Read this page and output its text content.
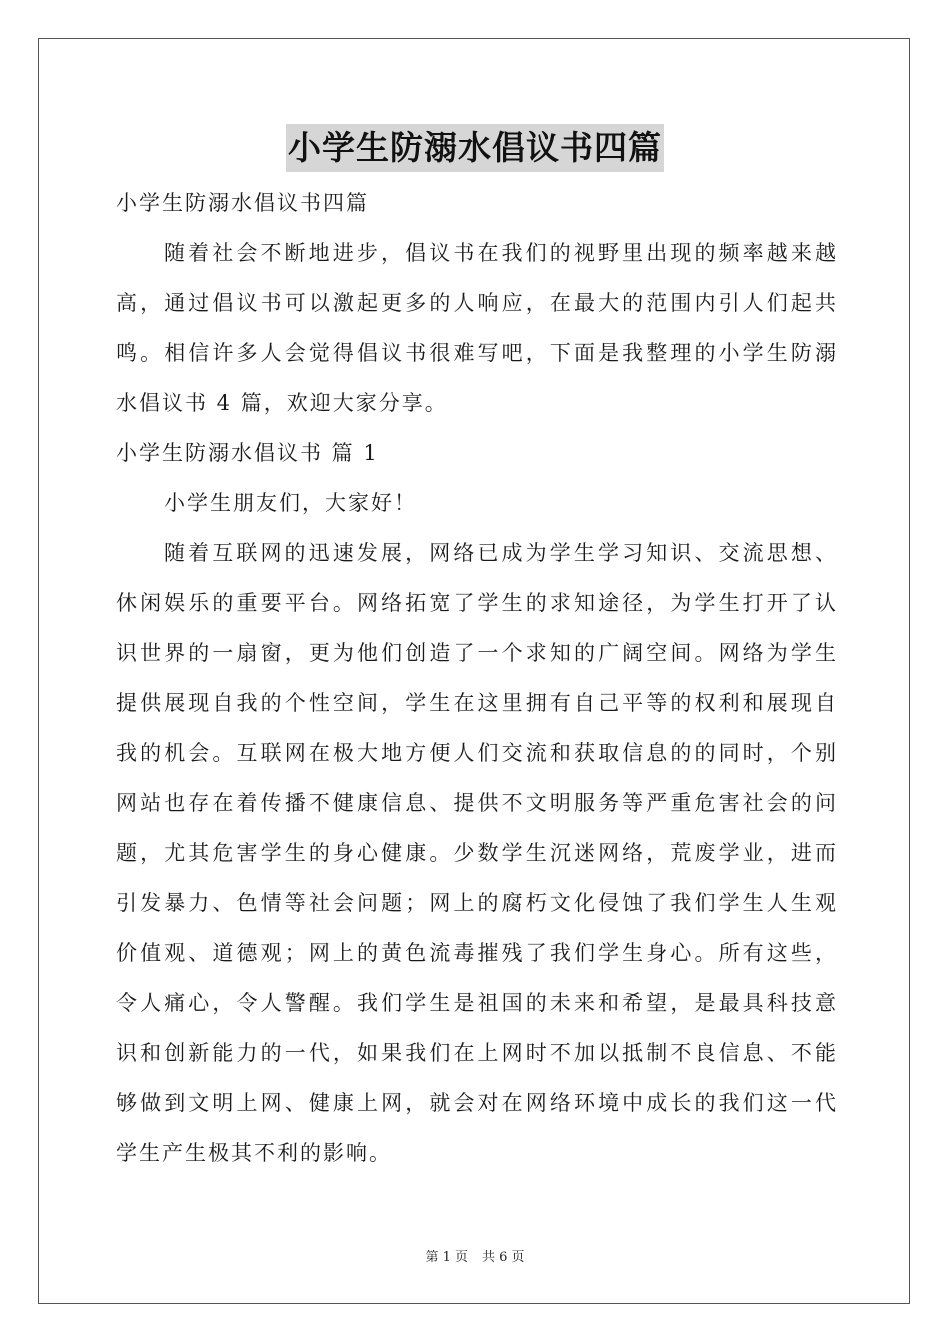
小学生防溺水倡议书四篇
小学生防溺水倡议书四篇
随着社会不断地进步，倡议书在我们的视野里出现的频率越来越
高，通过倡议书可以激起更多的人响应，在最大的范围内引人们起共
鸣。相信许多人会觉得倡议书很难写吧，下面是我整理的小学生防溺
水倡议书 4 篇，欢迎大家分享。
小学生防溺水倡议书 篇 1
小学生朋友们，大家好！
随着互联网的迅速发展，网络已成为学生学习知识、交流思想、
休闲娱乐的重要平台。网络拓宽了学生的求知途径，为学生打开了认
识世界的一扇窗，更为他们创造了一个求知的广阔空间。网络为学生
提供展现自我的个性空间，学生在这里拥有自己平等的权利和展现自
我的机会。互联网在极大地方便人们交流和获取信息的的同时，个别
网站也存在着传播不健康信息、提供不文明服务等严重危害社会的问
题，尤其危害学生的身心健康。少数学生沉迷网络，荒废学业，进而
引发暴力、色情等社会问题；网上的腐朽文化侵蚀了我们学生人生观
价值观、道德观；网上的黄色流毒摧残了我们学生身心。所有这些，
令人痛心，令人警醒。我们学生是祖国的未来和希望，是最具科技意
识和创新能力的一代，如果我们在上网时不加以抵制不良信息、不能
够做到文明上网、健康上网，就会对在网络环境中成长的我们这一代
学生产生极其不利的影响。
第 1 页 共 6 页
